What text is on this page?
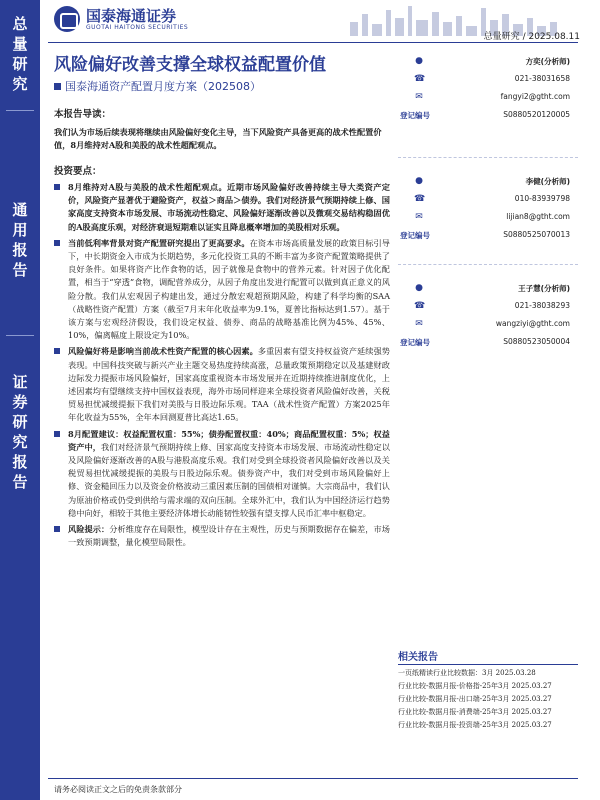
总
量
研
究
通
用
报
告
证
券
研
究
报
告
国泰海通证券
GUOTAI HAITONG SECURITIES
总量研究 / 2025.08.11
风险偏好改善支撑全球权益配置价值
国泰海通资产配置月度方案（202508）
本报告导读：
我们认为市场后续表现将继续由风险偏好变化主导，当下风险资产具备更高的战术性配置价值，8月维持对A股和美股的战术性超配观点。
投资要点：
8月维持对A股与美股的战术性超配观点。近期市场风险偏好改善持续主导大类资产定价，风险资产显著优于避险资产，权益＞商品＞债券。我们对经济景气预期持续上修、国家高度支持资本市场发展、市场流动性稳定、风险偏好逐渐改善以及微观交易结构稳固优的A股高度乐观，对经济衰退短期难以证实且降息概率增加的美股相对乐观。
当前低利率背景对资产配置研究提出了更高要求。在资本市场高质量发展的政策目标引导下，中长期资金入市成为长期趋势，多元化投资工具的不断丰富为多资产配置策略提供了良好条件。如果将资产比作食物的话，因子就像是食物中的营养元素。针对因子优化配置，相当于“穿透”食物，调配营养成分，从因子角度出发进行配置可以做到真正意义的风险分散。我们从宏观因子构建出发，通过分散宏观超预期风险，构建了科学均衡的SAA（战略性资产配置）方案（截至7月末年化收益率为9.1%，夏普比指标达到1.57）。基于该方案与宏观经济假设，我们设定权益、债券、商品的战略基准比例为45%、45%、10%，偏离幅度上限设定为10%。
风险偏好将是影响当前战术性资产配置的核心因素。多重因素有望支持权益资产延续强势表现。中国科技突破与新兴产业主题交易热度持续高涨，总量政策预期稳定以及基建财政边际发力提振市场风险偏好，国家高度重视资本市场发展并在近期持续推进制度优化，上述因素均有望继续支持中国权益表现，海外市场同样迎来全球投资者风险偏好改善，关税贸易担忧减缓提振下我们对美股与日股边际乐观。TAA（战术性资产配置）方案2025年年化收益为55%，全年本回测夏普比高达1.65。
8月配置建议：权益配置权重：55%；债券配置权重：40%；商品配置权重：5%；权益资产中，我们对经济景气预期持续上修、国家高度支持资本市场发展、市场流动性稳定以及风险偏好逐渐改善的A股与港股高度乐观。我们对受到全球投资者风险偏好改善以及关税贸易担忧减缓提振的美股与日股边际乐观。债券资产中，我们对受到市场风险偏好上修、资金糙回压力以及资金价格波动三重因素压制的国债相对谨慎。大宗商品中，我们认为原油价格或仍受到供给与需求端的双向压制。全球外汇中，我们认为中国经济运行趋势稳中向好，相较于其他主要经济体增长动能韧性较强有望支撑人民币汇率中枢稳定。
风险提示：分析维度存在局限性，模型设计存在主观性，历史与预期数据存在偏差，市场一致预期调整，量化模型局限性。
●	方奕(分析师)
☎	021-38031658
✉	fangyi2@gtht.com
登记编号	S0880520120005
●	李健(分析师)
☎	010-83939798
✉	lijian8@gtht.com
登记编号	S0880525070013
●	王子慧(分析师)
☎	021-38038293
✉	wangziyi@gtht.com
登记编号	S0880523050004
相关报告
一页纸精读行业比较数据：3月 2025.03.28
行业比较-数据月报-价格指-25年3月 2025.03.27
行业比较-数据月报-出口端-25年3月 2025.03.27
行业比较-数据月报-消费端-25年3月 2025.03.27
行业比较-数据月报-投资端-25年3月 2025.03.27
请务必阅读正文之后的免责条款部分
